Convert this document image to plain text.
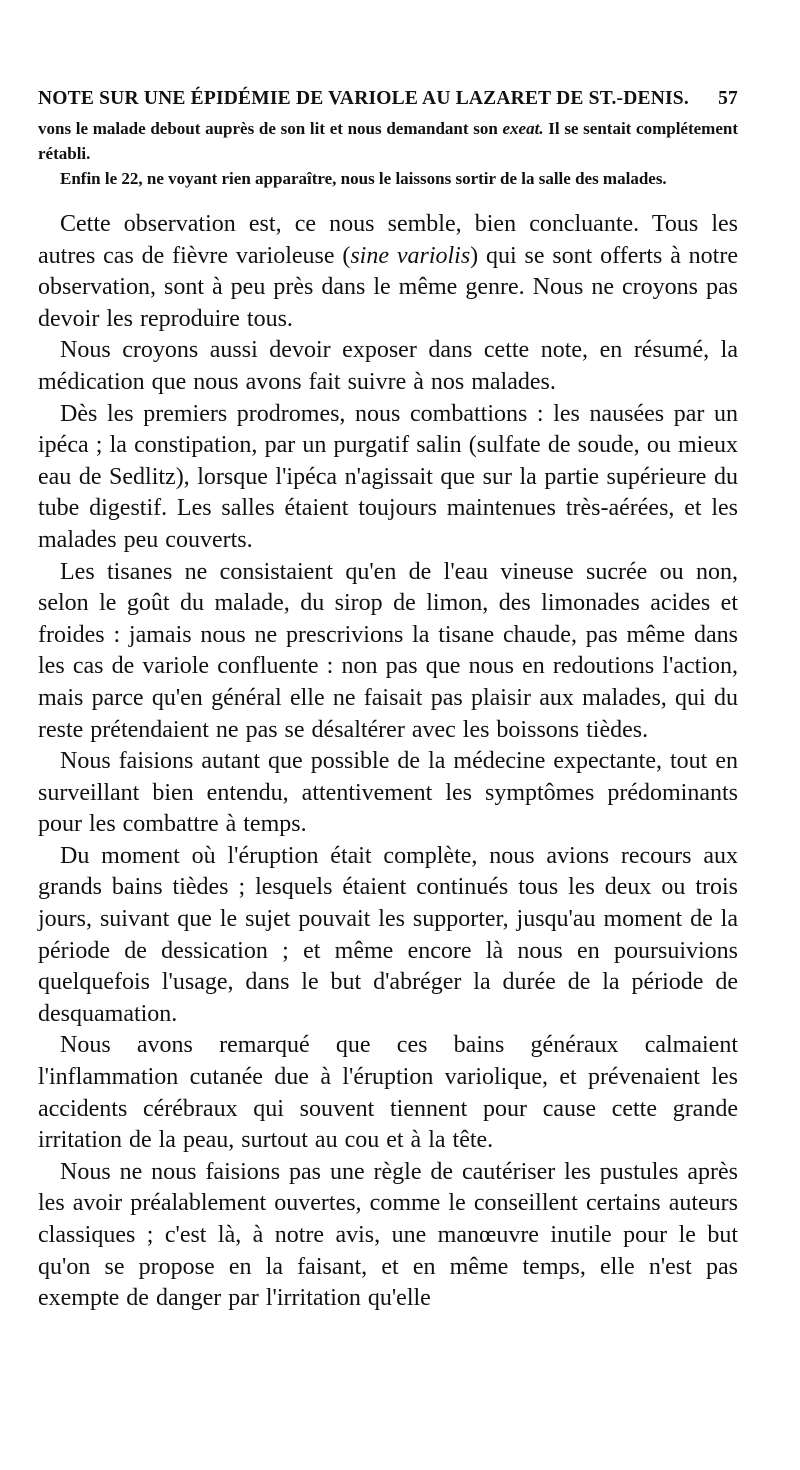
NOTE SUR UNE ÉPIDÉMIE DE VARIOLE AU LAZARET DE ST.-DENIS. 57

vons le malade debout auprès de son lit et nous demandant son exeat. Il se sentait complétement rétabli.

Enfin le 22, ne voyant rien apparaître, nous le laissons sortir de la salle des malades.

Cette observation est, ce nous semble, bien concluante. Tous les autres cas de fièvre varioleuse (sine variolis) qui se sont offerts à notre observation, sont à peu près dans le même genre. Nous ne croyons pas devoir les reproduire tous.

Nous croyons aussi devoir exposer dans cette note, en résumé, la médication que nous avons fait suivre à nos malades.

Dès les premiers prodromes, nous combattions : les nausées par un ipéca ; la constipation, par un purgatif salin (sulfate de soude, ou mieux eau de Sedlitz), lorsque l'ipéca n'agissait que sur la partie supérieure du tube digestif. Les salles étaient toujours maintenues très-aérées, et les malades peu couverts.

Les tisanes ne consistaient qu'en de l'eau vineuse sucrée ou non, selon le goût du malade, du sirop de limon, des limonades acides et froides : jamais nous ne prescrivions la tisane chaude, pas même dans les cas de variole confluente : non pas que nous en redoutions l'action, mais parce qu'en général elle ne faisait pas plaisir aux malades, qui du reste prétendaient ne pas se désaltérer avec les boissons tièdes.

Nous faisions autant que possible de la médecine expectante, tout en surveillant bien entendu, attentivement les symptômes prédominants pour les combattre à temps.

Du moment où l'éruption était complète, nous avions recours aux grands bains tièdes ; lesquels étaient continués tous les deux ou trois jours, suivant que le sujet pouvait les supporter, jusqu'au moment de la période de dessication ; et même encore là nous en poursuivions quelquefois l'usage, dans le but d'abréger la durée de la période de desquamation.

Nous avons remarqué que ces bains généraux calmaient l'inflammation cutanée due à l'éruption variolique, et prévenaient les accidents cérébraux qui souvent tiennent pour cause cette grande irritation de la peau, surtout au cou et à la tête.

Nous ne nous faisions pas une règle de cautériser les pustules après les avoir préalablement ouvertes, comme le conseillent certains auteurs classiques ; c'est là, à notre avis, une manœuvre inutile pour le but qu'on se propose en la faisant, et en même temps, elle n'est pas exempte de danger par l'irritation qu'elle
